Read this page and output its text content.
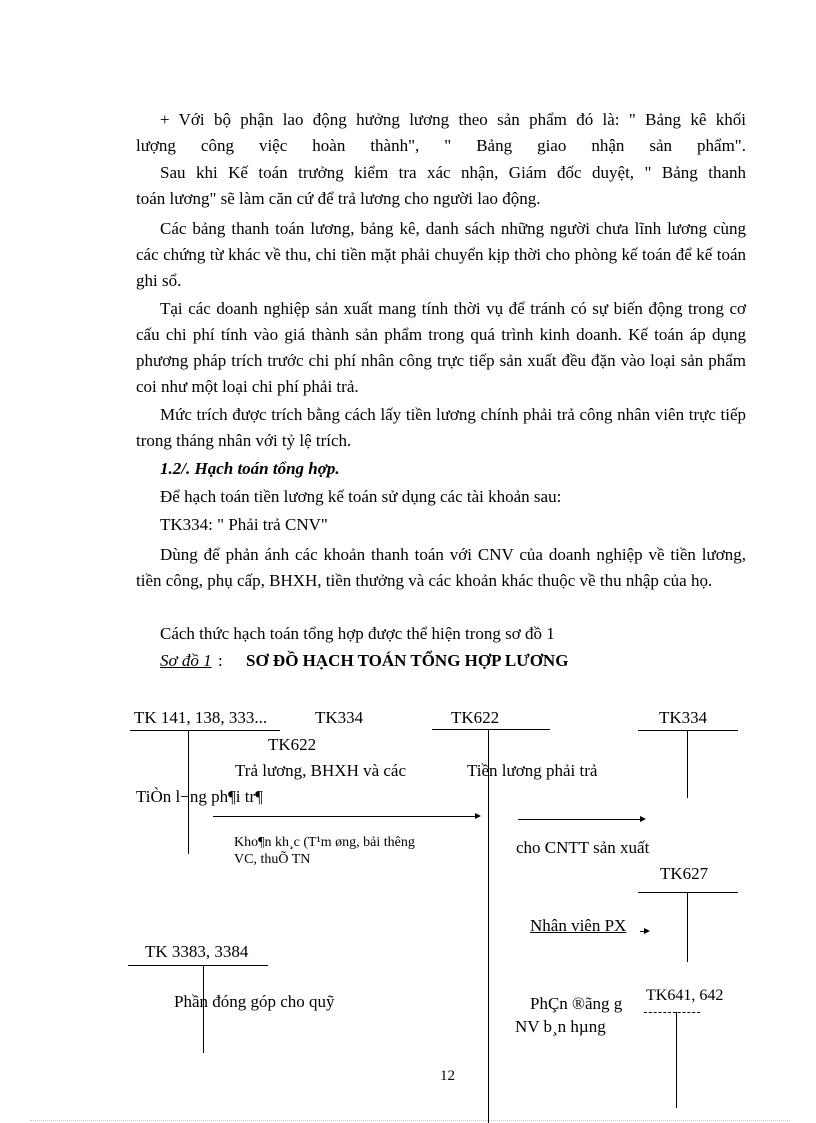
+ Với bộ phận lao động hưởng lương theo sản phẩm đó là: " Bảng kê khối
lượng công việc hoàn thành", " Bảng giao nhận sản phẩm".
Sau khi Kế toán trưởng kiểm tra xác nhận, Giám đốc duyệt, " Bảng thanh
toán lương" sẽ làm căn cứ để trả lương cho người lao động.
Các bảng thanh toán lương, bảng kê, danh sách những người chưa lĩnh lương cùng các chứng từ khác về thu, chi tiền mặt phải chuyển kịp thời cho phòng kế toán để kế toán ghi sổ.
Tại các doanh nghiệp sản xuất mang tính thời vụ để tránh có sự biến động trong cơ cấu chi phí tính vào giá thành sản phẩm trong quá trình kinh doanh. Kế toán áp dụng phương pháp trích trước chi phí nhân công trực tiếp sản xuất đều đặn vào loại sản phẩm coi như một loại chi phí phải trả.
Mức trích được trích bằng cách lấy tiền lương chính phải trả công nhân viên trực tiếp trong tháng nhân với tỷ lệ trích.
1.2/. Hạch toán tổng hợp.
Để hạch toán tiền lương kế toán sử dụng các tài khoản sau:
TK334: " Phải trả CNV"
Dùng để phản ánh các khoản thanh toán với CNV của doanh nghiệp về tiền lương, tiền công, phụ cấp, BHXH, tiền thưởng và các khoản khác thuộc về thu nhập của họ.
Cách thức hạch toán tổng hợp được thể hiện trong sơ đồ 1
Sơ đồ 1 : SƠ ĐỒ HẠCH TOÁN TỔNG HỢP LƯƠNG
TK 141, 138, 333...	TK334
TK622
TK622	TK334
Trả lương, BHXH và các	Tiền lương phải trả
TiÒn l¬ng ph¶i tr¶
Kho¶n kh¸c (T¹m øng, bải thêng VC, thuÕ TN
cho CNTT sản xuất
TK627
Nhân viên PX
TK 3383, 3384
Phần đóng góp cho quỹ	PhÇn ®ãng g TK641, 642
NV b¸n hµng
12
